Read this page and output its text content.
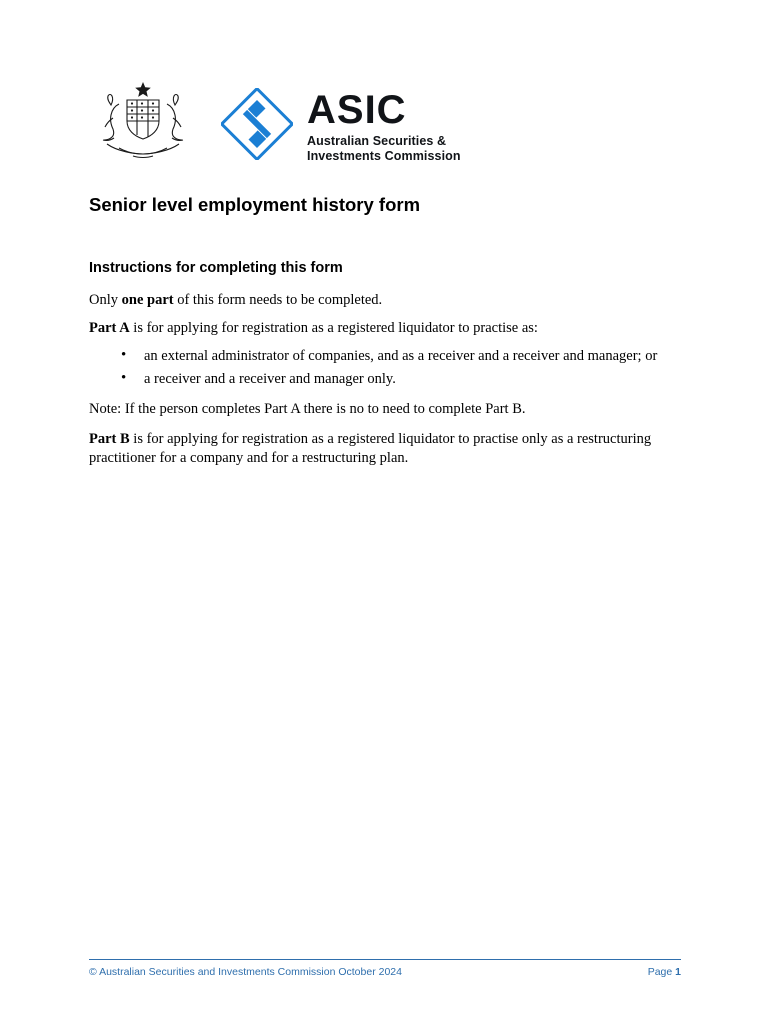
ASIC
Australian Securities &
Investments Commission
Senior level employment history form
Instructions for completing this form

Only one part of this form needs to be completed.

Part A is for applying for registration as a registered liquidator to practise as:

• an external administrator of companies, and as a receiver and a receiver and manager; or
• a receiver and a receiver and manager only.

Note: If the person completes Part A there is no to need to complete Part B.

Part B is for applying for registration as a registered liquidator to practise only as a restructuring practitioner for a company and for a restructuring plan.

© Australian Securities and Investments Commission October 2024	Page 1
